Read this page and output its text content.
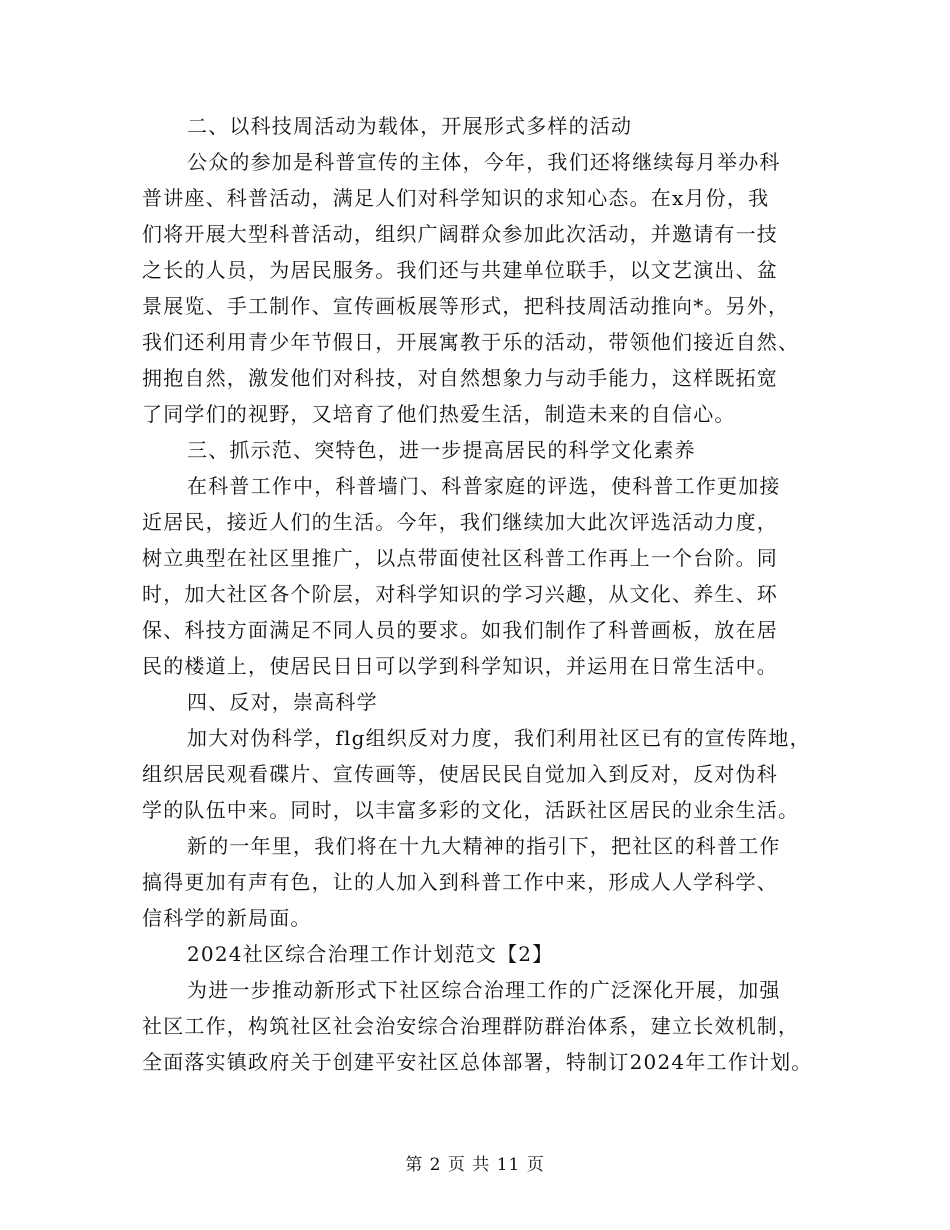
二、以科技周活动为载体，开展形式多样的活动
公众的参加是科普宣传的主体，今年，我们还将继续每月举办科
普讲座、科普活动，满足人们对科学知识的求知心态。在x月份，我
们将开展大型科普活动，组织广阔群众参加此次活动，并邀请有一技
之长的人员，为居民服务。我们还与共建单位联手，以文艺演出、盆
景展览、手工制作、宣传画板展等形式，把科技周活动推向*。另外，
我们还利用青少年节假日，开展寓教于乐的活动，带领他们接近自然、
拥抱自然，激发他们对科技，对自然想象力与动手能力，这样既拓宽
了同学们的视野，又培育了他们热爱生活，制造未来的自信心。
三、抓示范、突特色，进一步提高居民的科学文化素养
在科普工作中，科普墙门、科普家庭的评选，使科普工作更加接
近居民，接近人们的生活。今年，我们继续加大此次评选活动力度，
树立典型在社区里推广，以点带面使社区科普工作再上一个台阶。同
时，加大社区各个阶层，对科学知识的学习兴趣，从文化、养生、环
保、科技方面满足不同人员的要求。如我们制作了科普画板，放在居
民的楼道上，使居民日日可以学到科学知识，并运用在日常生活中。
四、反对，崇高科学
加大对伪科学，flg组织反对力度，我们利用社区已有的宣传阵地，
组织居民观看碟片、宣传画等，使居民民自觉加入到反对，反对伪科
学的队伍中来。同时，以丰富多彩的文化，活跃社区居民的业余生活。
新的一年里，我们将在十九大精神的指引下，把社区的科普工作
搞得更加有声有色，让的人加入到科普工作中来，形成人人学科学、
信科学的新局面。
2024社区综合治理工作计划范文【2】
为进一步推动新形式下社区综合治理工作的广泛深化开展，加强
社区工作，构筑社区社会治安综合治理群防群治体系，建立长效机制，
全面落实镇政府关于创建平安社区总体部署，特制订2024年工作计划。
第 2 页 共 11 页
